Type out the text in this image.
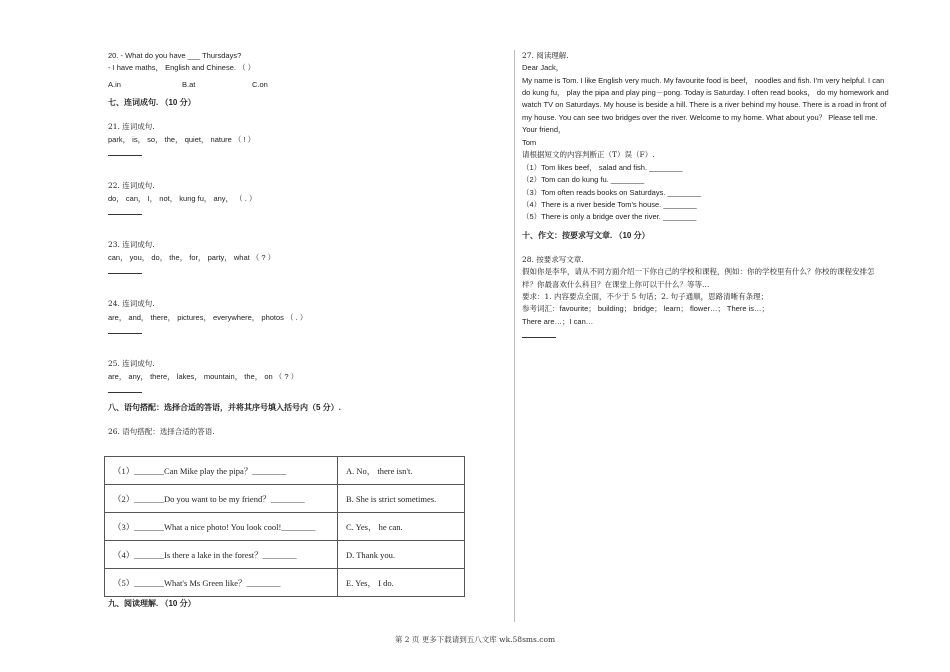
20. - What do you have ___ Thursdays?
- I have maths， English and Chinese. （ ）
A.in	B.at	C.on
七、连词成句. （10 分）
21. 连词成句.
park， is， so， the， quiet， nature （ ! ）
22. 连词成句.
do， can， I， not， kung fu， any， （ . ）
23. 连词成句.
can， you， do， the， for， party， what （ ? ）
24. 连词成句.
are， and， there， pictures， everywhere， photos （ . ）
25. 连词成句.
are， any， there， lakes， mountain， the， on （ ? ）
八、语句搭配：选择合适的答语，并将其序号填入括号内（5 分）.
26. 语句搭配：选择合适的答语.
（1）_______Can Mike play the pipa？________	A. No， there isn't.
（2）_______Do you want to be my friend？________	B. She is strict sometimes.
（3）_______What a nice photo! You look cool!________	C. Yes， he can.
（4）_______Is there a lake in the forest？________	D. Thank you.
（5）_______What's Ms Green like？________	E. Yes， I do.
九、阅读理解. （10 分）
27. 阅读理解.
Dear Jack，
My name is Tom. I like English very much. My favourite food is beef， noodles and fish. I'm very helpful. I can
do kung fu， play the pipa and play ping－pong. Today is Saturday. I often read books， do my homework and
watch TV on Saturdays. My house is beside a hill. There is a river behind my house. There is a road in front of
my house. You can see two bridges over the river. Welcome to my home. What about you？ Please tell me.
Your friend，
Tom
请根据短文的内容判断正（T）误（F）.
（1）Tom likes beef， salad and fish. ________
（2）Tom can do kung fu. ________
（3）Tom often reads books on Saturdays. ________
（4）There is a river beside Tom's house. ________
（5）There is only a bridge over the river. ________
十、作文：按要求写文章. （10 分）
28. 按要求写文章.
假如你是李华，请从不同方面介绍一下你自己的学校和课程，例如：你的学校里有什么？你校的课程安排怎
样？你最喜欢什么科目？在课堂上你可以干什么？等等…
要求：1. 内容要点全面，不少于 5 句话；2. 句子通顺，思路清晰有条理；
参考词汇：favourite； building； bridge； learn； flower…； There is…；
There are…；I can…
第 2 页 更多下载请到五八文库 wk.58sms.com
